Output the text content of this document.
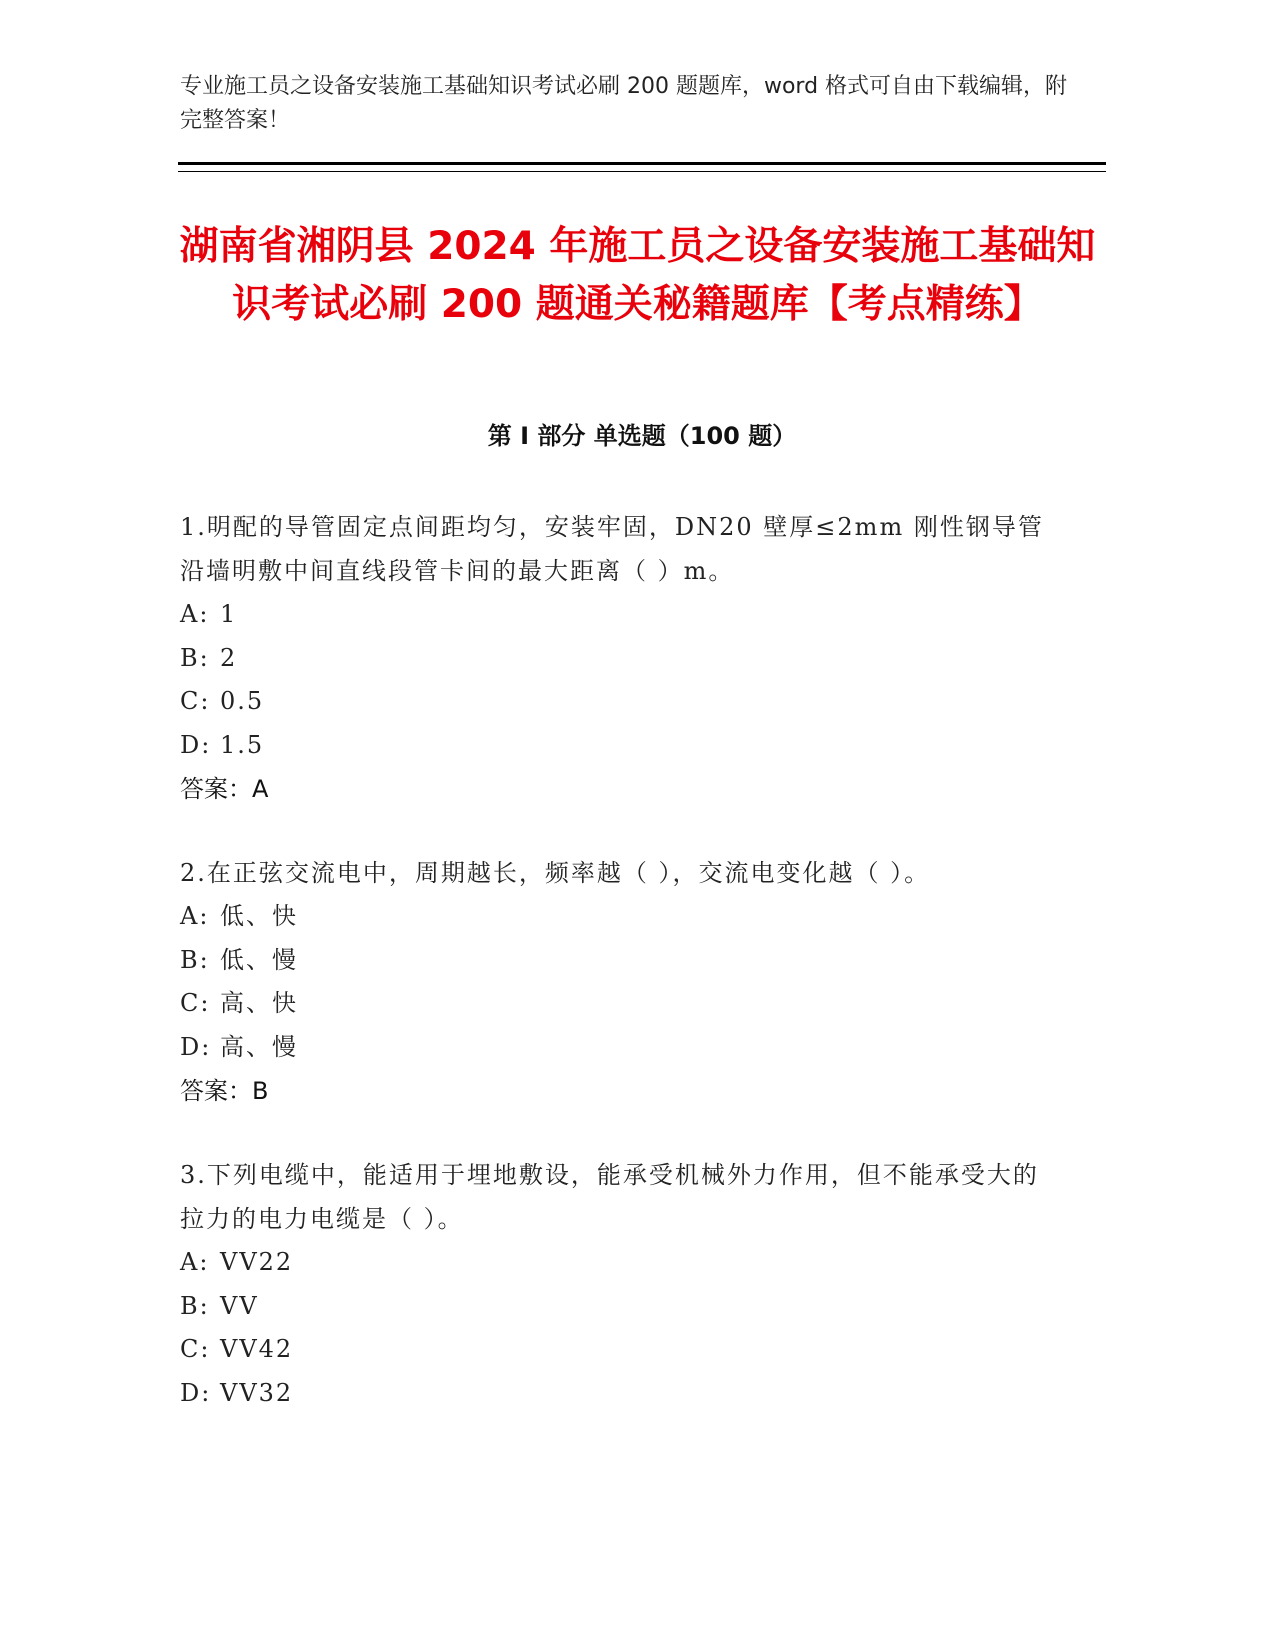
专业施工员之设备安装施工基础知识考试必刷 200 题题库，word 格式可自由下载编辑，附完整答案！
湖南省湘阴县 2024 年施工员之设备安装施工基础知识考试必刷 200 题通关秘籍题库【考点精练】
第 I 部分 单选题（100 题）

1.明配的导管固定点间距均匀，安装牢固，DN20 壁厚≤2mm 刚性钢导管沿墙明敷中间直线段管卡间的最大距离（ ）m。

A: 1

B: 2

C: 0.5

D: 1.5

答案：A

2.在正弦交流电中，周期越长，频率越（ ），交流电变化越（ ）。

A: 低、快

B: 低、慢

C: 高、快

D: 高、慢

答案：B

3.下列电缆中，能适用于埋地敷设，能承受机械外力作用，但不能承受大的拉力的电力电缆是（ ）。

A: VV22

B: VV

C: VV42

D: VV32
